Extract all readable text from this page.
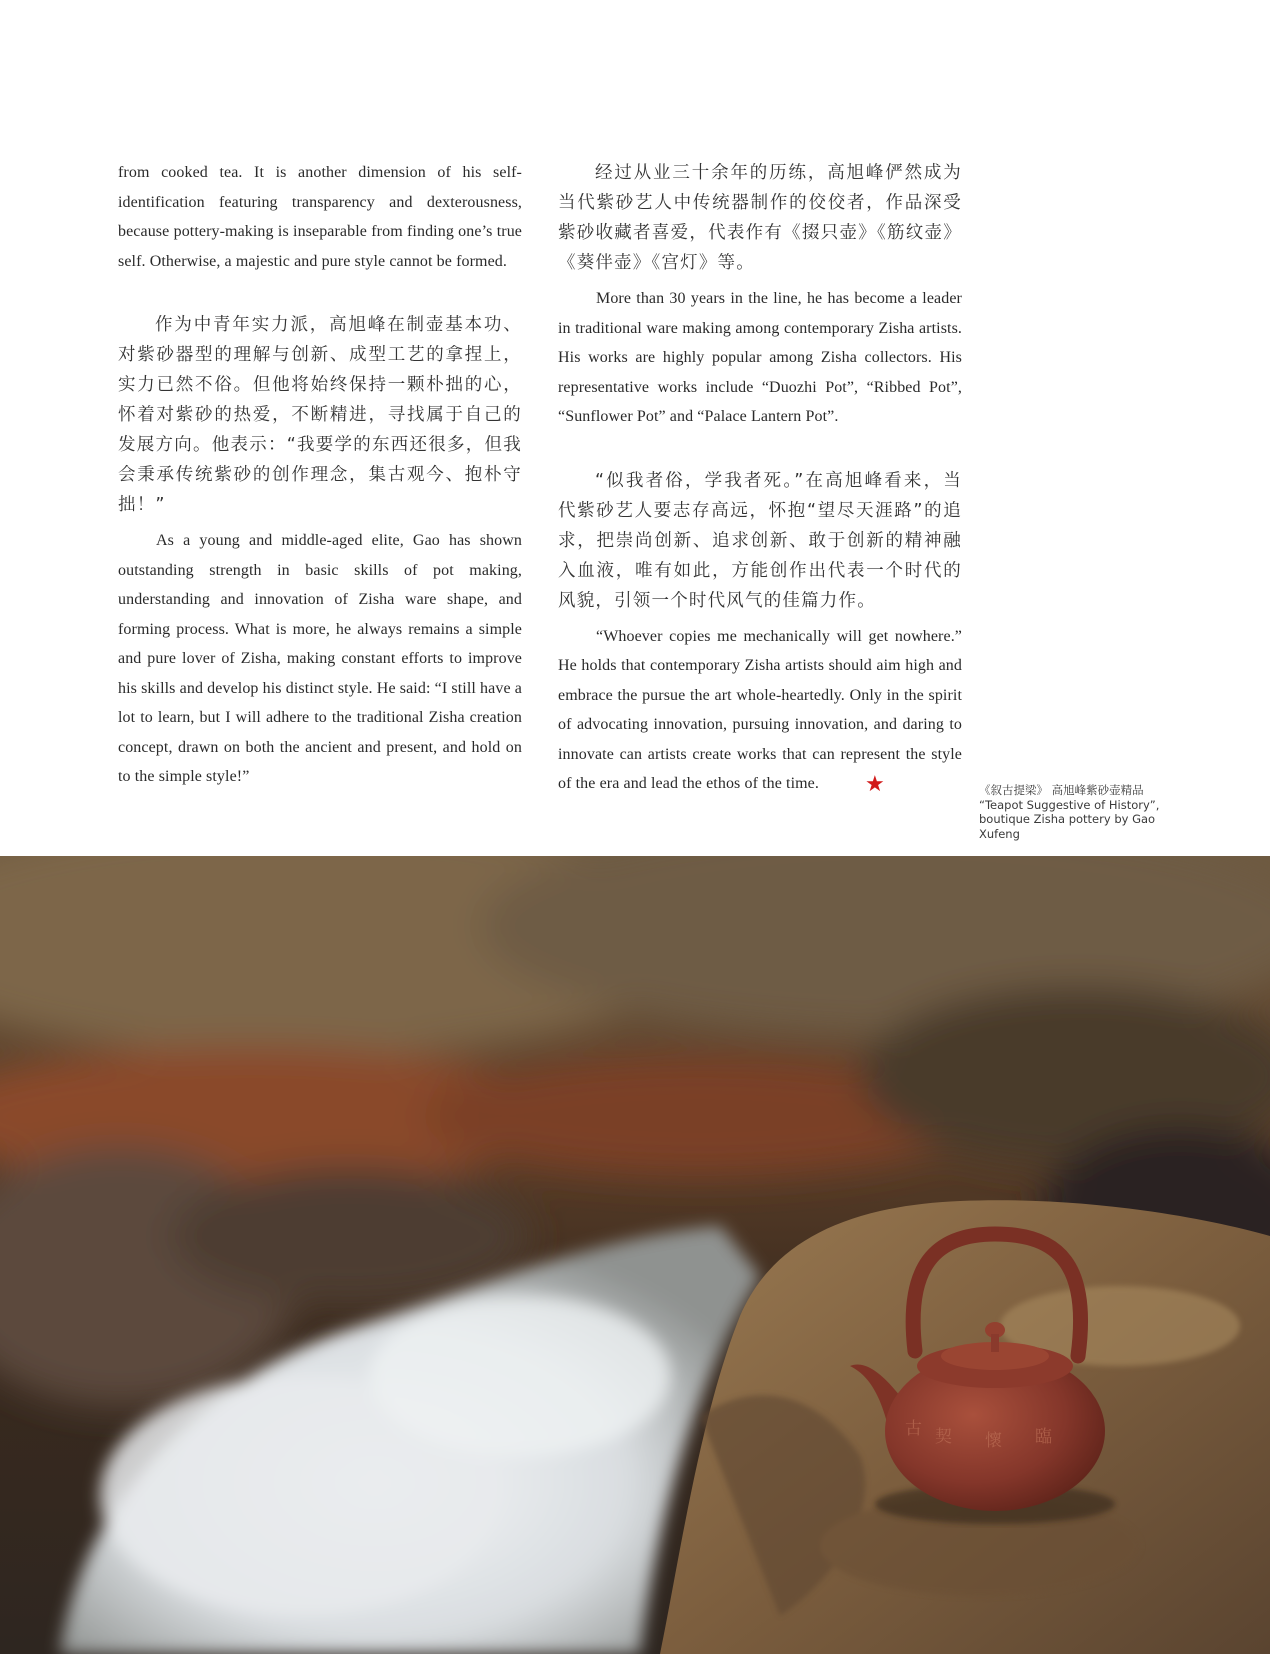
from cooked tea. It is another dimension of his self-identification featuring transparency and dexterousness, because pottery-making is inseparable from finding one’s true self. Otherwise, a majestic and pure style cannot be formed.

作为中青年实力派，高旭峰在制壶基本功、对紫砂器型的理解与创新、成型工艺的拿捏上，实力已然不俗。但他将始终保持一颗朴拙的心，怀着对紫砂的热爱，不断精进，寻找属于自己的发展方向。他表示：“我要学的东西还很多，但我会秉承传统紫砂的创作理念，集古观今、抱朴守拙！”

As a young and middle-aged elite, Gao has shown outstanding strength in basic skills of pot making, understanding and innovation of Zisha ware shape, and forming process. What is more, he always remains a simple and pure lover of Zisha, making constant efforts to improve his skills and develop his distinct style. He said: “I still have a lot to learn, but I will adhere to the traditional Zisha creation concept, drawn on both the ancient and present, and hold on to the simple style!”

经过从业三十余年的历练，高旭峰俨然成为当代紫砂艺人中传统器制作的佼佼者，作品深受紫砂收藏者喜爱，代表作有《掇只壶》《筋纹壶》《葵伴壶》《宫灯》等。

More than 30 years in the line, he has become a leader in traditional ware making among contemporary Zisha artists. His works are highly popular among Zisha collectors. His representative works include “Duozhi Pot”, “Ribbed Pot”, “Sunflower Pot” and “Palace Lantern Pot”.

“似我者俗，学我者死。”在高旭峰看来，当代紫砂艺人要志存高远，怀抱“望尽天涯路”的追求，把崇尚创新、追求创新、敢于创新的精神融入血液，唯有如此，方能创作出代表一个时代的风貌，引领一个时代风气的佳篇力作。

“Whoever copies me mechanically will get nowhere.” He holds that contemporary Zisha artists should aim high and embrace the pursue the art whole-heartedly. Only in the spirit of advocating innovation, pursuing innovation, and daring to innovate can artists create works that can represent the style of the era and lead the ethos of the time. ★	《叙古提梁》 高旭峰紫砂壶精品
“Teapot Suggestive of History”, boutique Zisha pottery by Gao Xufeng
古 契 懷 臨
